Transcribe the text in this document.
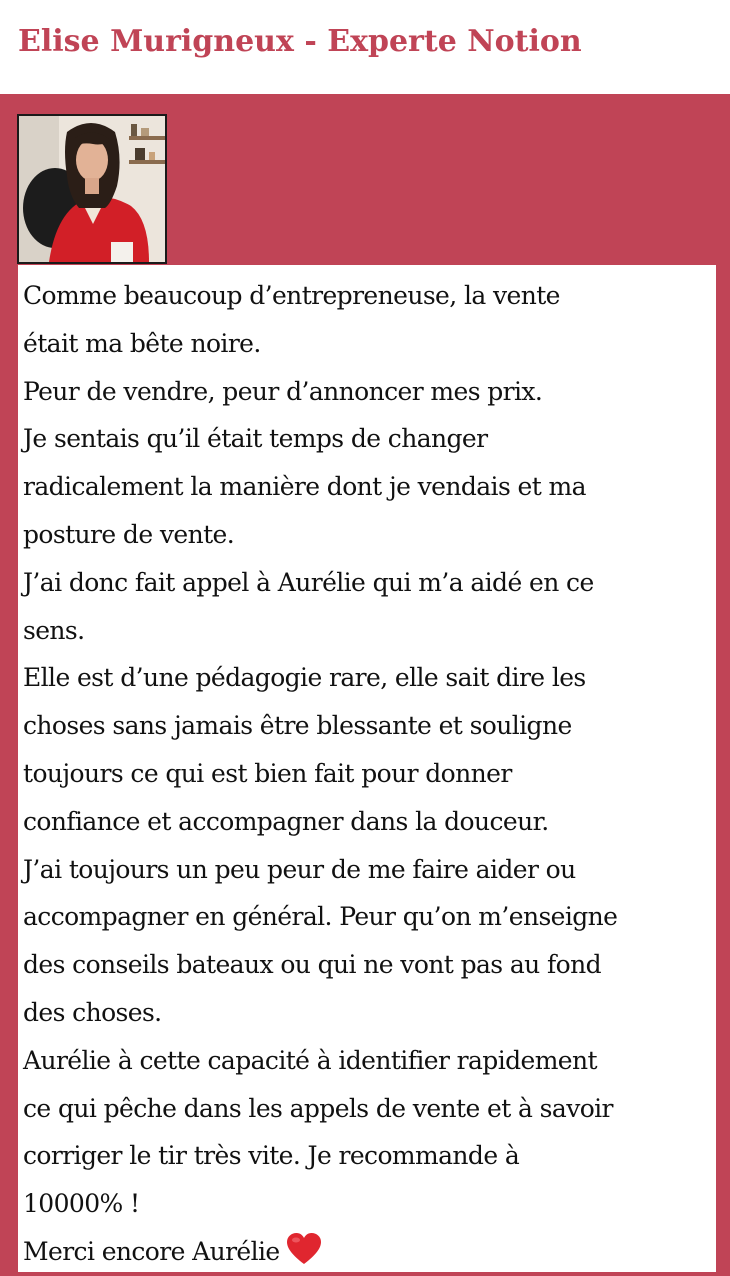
Elise Murigneux - Experte Notion
Comme beaucoup d’entrepreneuse, la vente
était ma bête noire.
Peur de vendre, peur d’annoncer mes prix.
Je sentais qu’il était temps de changer
radicalement la manière dont je vendais et ma
posture de vente.
J’ai donc fait appel à Aurélie qui m’a aidé en ce
sens.
Elle est d’une pédagogie rare, elle sait dire les
choses sans jamais être blessante et souligne
toujours ce qui est bien fait pour donner
confiance et accompagner dans la douceur.
J’ai toujours un peu peur de me faire aider ou
accompagner en général. Peur qu’on m’enseigne
des conseils bateaux ou qui ne vont pas au fond
des choses.
Aurélie à cette capacité à identifier rapidement
ce qui pêche dans les appels de vente et à savoir
corriger le tir très vite. Je recommande à
10000% !
Merci encore Aurélie
